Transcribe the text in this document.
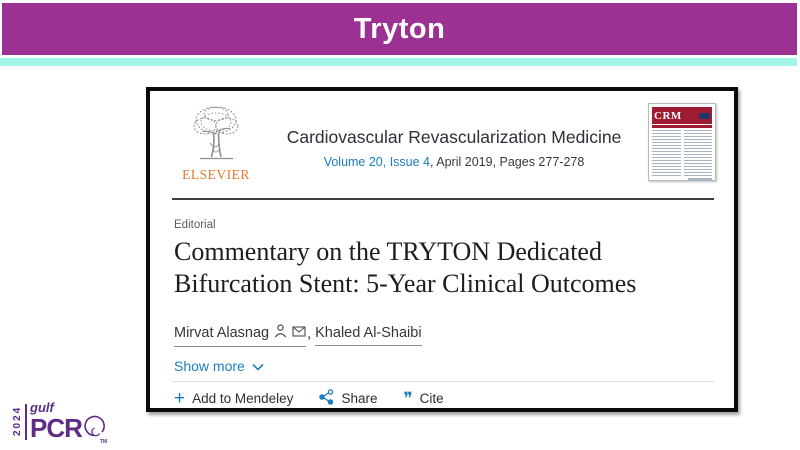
Tryton
ELSEVIER
Cardiovascular Revascularization Medicine
Volume 20, Issue 4, April 2019, Pages 277-278
CRM
Editorial
Commentary on the TRYTON Dedicated
Bifurcation Stent: 5-Year Clinical Outcomes
Mirvat Alasnag	, Khaled Al-Shaibi
Show more
+ Add to Mendeley	Share ❞ Cite
2024 gulf
PCR	TM
